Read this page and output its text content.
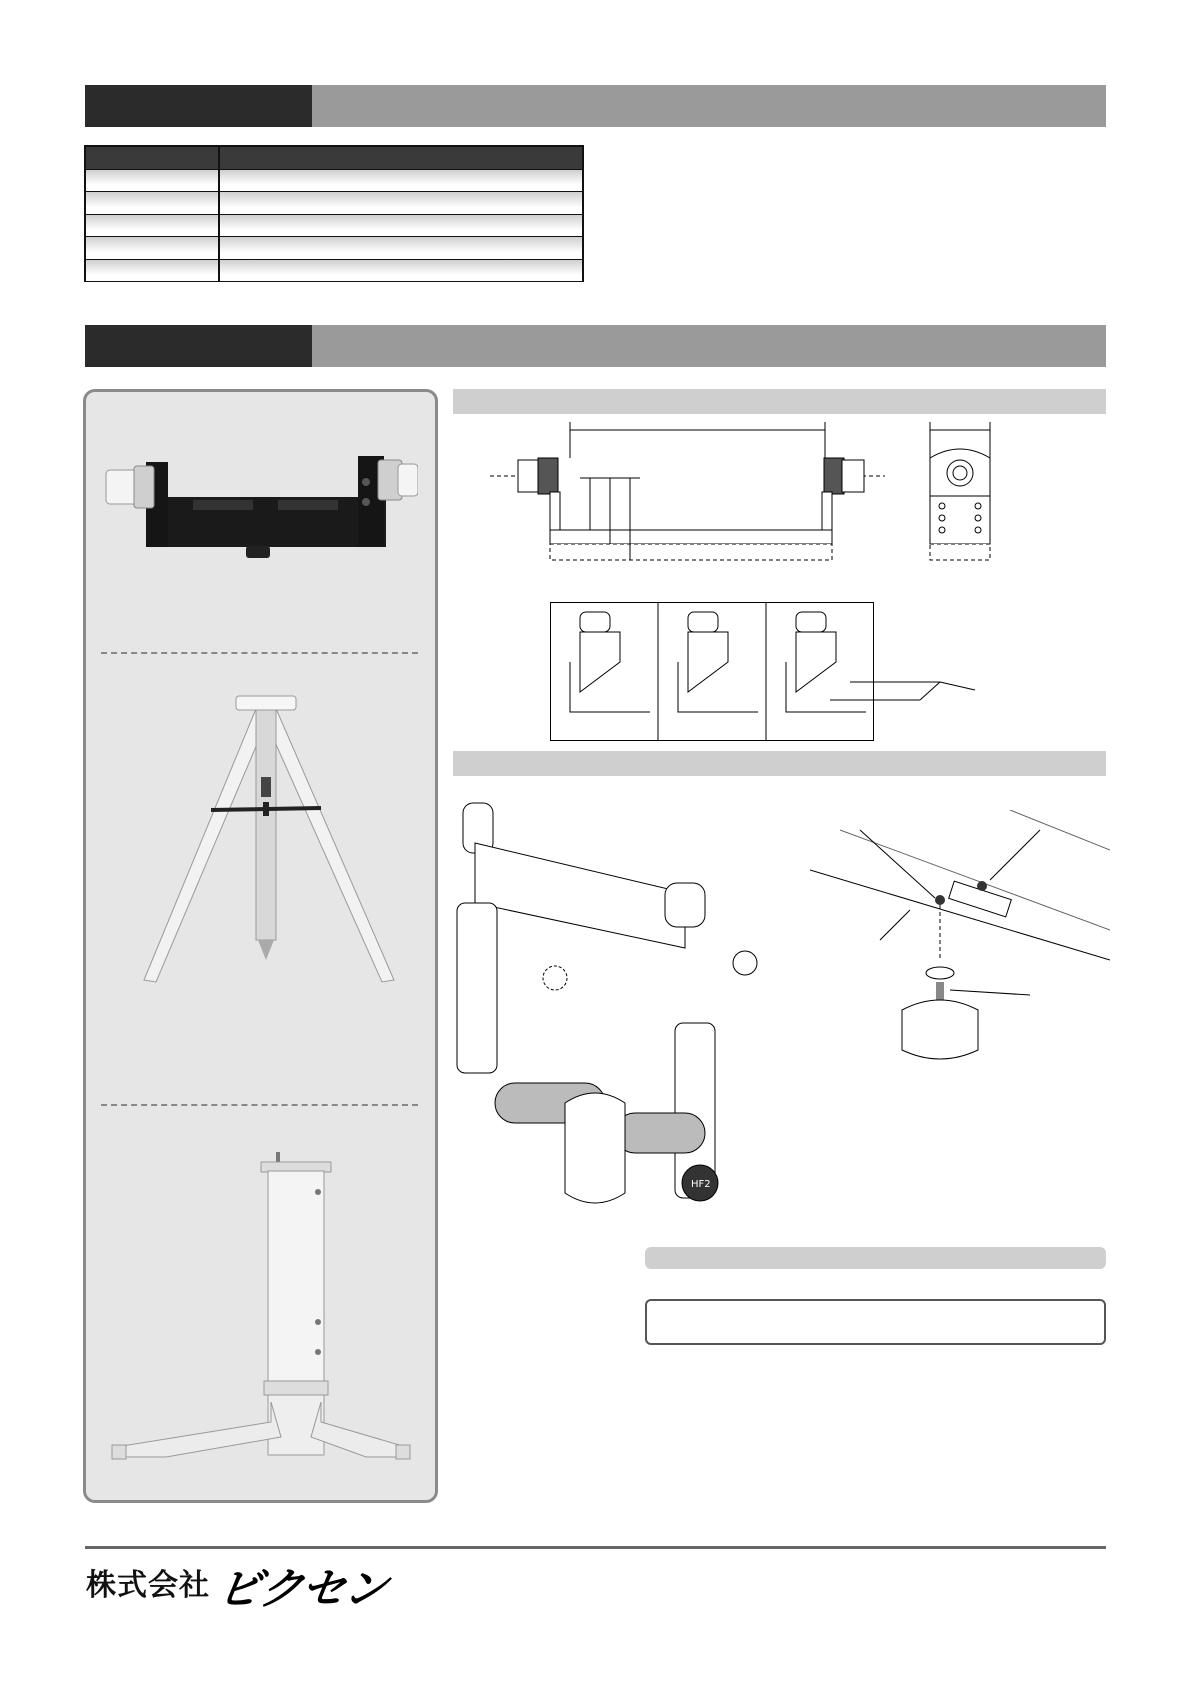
HF2
株式会社 ビクセン
